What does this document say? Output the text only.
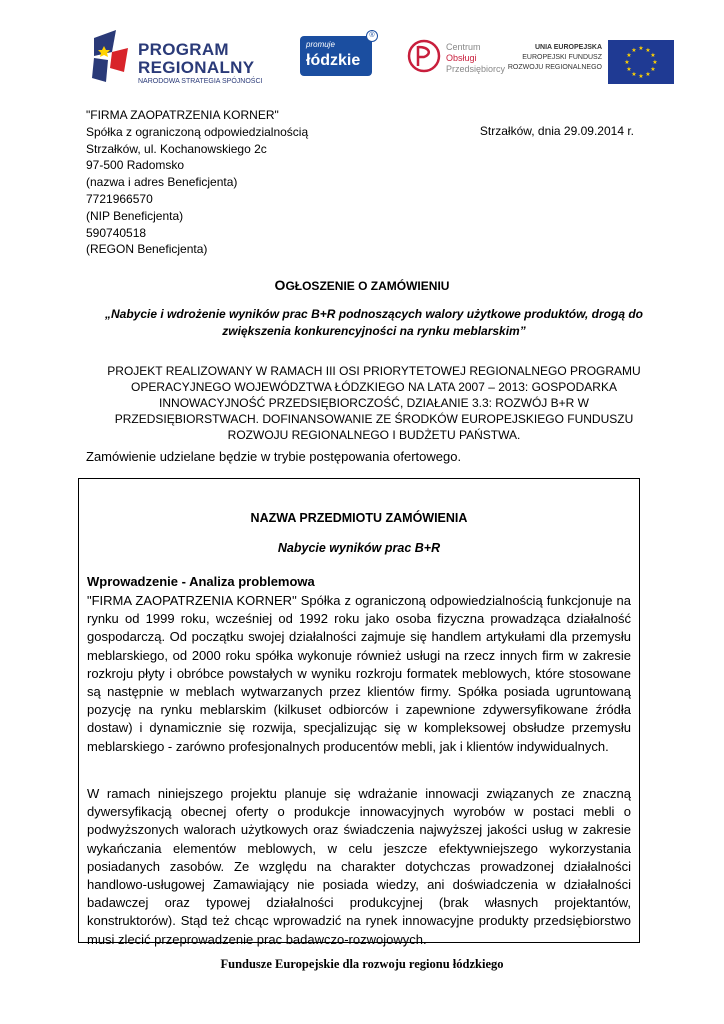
PROGRAM
REGIONALNY
NARODOWA STRATEGIA SPÓJNOŚCI
promuje
łódzkie
®
Centrum
Obsługi
Przedsiębiorcy
UNIA EUROPEJSKA
EUROPEJSKI FUNDUSZ
ROZWOJU REGIONALNEGO
★ ★
★
★
★
★
★
★
★
★
★
★
"FIRMA ZAOPATRZENIA KORNER"
Spółka z ograniczoną odpowiedzialnością
Strzałków, ul. Kochanowskiego 2c
97-500 Radomsko
(nazwa i adres Beneficjenta)
7721966570
(NIP Beneficjenta)
590740518
(REGON Beneficjenta)
Strzałków, dnia 29.09.2014 r.
OGŁOSZENIE O ZAMÓWIENIU
„Nabycie i wdrożenie wyników prac B+R podnoszących walory użytkowe produktów, drogą do zwiększenia konkurencyjności na rynku meblarskim”
PROJEKT REALIZOWANY W RAMACH III OSI PRIORYTETOWEJ REGIONALNEGO PROGRAMU OPERACYJNEGO WOJEWÓDZTWA ŁÓDZKIEGO NA LATA 2007 – 2013: GOSPODARKA INNOWACYJNOŚĆ PRZEDSIĘBIORCZOŚĆ, DZIAŁANIE 3.3: ROZWÓJ B+R W PRZEDSIĘBIORSTWACH. DOFINANSOWANIE ZE ŚRODKÓW EUROPEJSKIEGO FUNDUSZU ROZWOJU REGIONALNEGO I BUDŻETU PAŃSTWA.
Zamówienie udzielane będzie w trybie postępowania ofertowego.
NAZWA PRZEDMIOTU ZAMÓWIENIA
Nabycie wyników prac B+R
Wprowadzenie - Analiza problemowa
"FIRMA ZAOPATRZENIA KORNER" Spółka z ograniczoną odpowiedzialnością funkcjonuje na rynku od 1999 roku, wcześniej od 1992 roku jako osoba fizyczna prowadząca działalność gospodarczą. Od początku swojej działalności zajmuje się handlem artykułami dla przemysłu meblarskiego, od 2000 roku spółka wykonuje również usługi na rzecz innych firm w zakresie rozkroju płyty i obróbce powstałych w wyniku rozkroju formatek meblowych, które stosowane są następnie w meblach wytwarzanych przez klientów firmy. Spółka posiada ugruntowaną pozycję na rynku meblarskim (kilkuset odbiorców i zapewnione zdywersyfikowane źródła dostaw) i dynamicznie się rozwija, specjalizując się w kompleksowej obsłudze przemysłu meblarskiego - zarówno profesjonalnych producentów mebli, jak i klientów indywidualnych.
W ramach niniejszego projektu planuje się wdrażanie innowacji związanych ze znaczną dywersyfikacją obecnej oferty o produkcje innowacyjnych wyrobów w postaci mebli o podwyższonych walorach użytkowych oraz świadczenia najwyższej jakości usług w zakresie wykańczania elementów meblowych, w celu jeszcze efektywniejszego wykorzystania posiadanych zasobów. Ze względu na charakter dotychczas prowadzonej działalności handlowo-usługowej Zamawiający nie posiada wiedzy, ani doświadczenia w działalności badawczej oraz typowej działalności produkcyjnej (brak własnych projektantów, konstruktorów). Stąd też chcąc wprowadzić na rynek innowacyjne produkty przedsiębiorstwo musi zlecić przeprowadzenie prac badawczo-rozwojowych.
Fundusze Europejskie dla rozwoju regionu łódzkiego
